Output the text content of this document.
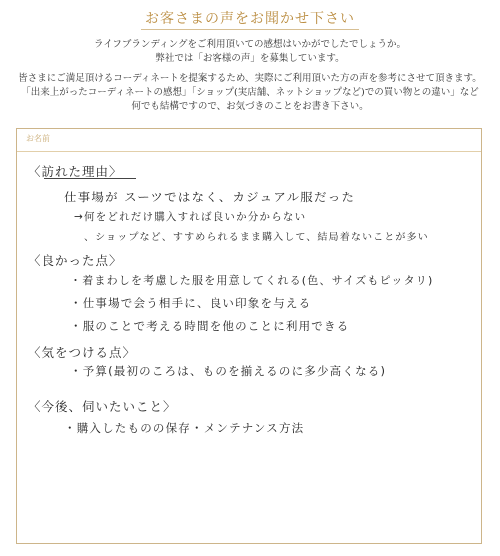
お客さまの声をお聞かせ下さい
ライフブランディングをご利用頂いての感想はいかがでしたでしょうか。
弊社では「お客様の声」を募集しています。
皆さまにご満足頂けるコーディネートを提案するため、実際にご利用頂いた方の声を参考にさせて頂きます。
「出来上がったコーディネートの感想」「ショップ(実店舗、ネットショップなど)での買い物との違い」など
何でも結構ですので、お気づきのことをお書き下さい。
お名前
〈訪れた理由〉
仕事場が スーツではなく、カジュアル服だった
→何をどれだけ購入すれば良いか分からない
、ショップなど、すすめられるまま購入して、結局着ないことが多い
〈良かった点〉
・着まわしを考慮した服を用意してくれる(色、サイズもピッタリ)
・仕事場で会う相手に、良い印象を与える
・服のことで考える時間を他のことに利用できる
〈気をつける点〉
・予算(最初のころは、ものを揃えるのに多少高くなる)
〈今後、伺いたいこと〉
・購入したものの保存・メンテナンス方法
